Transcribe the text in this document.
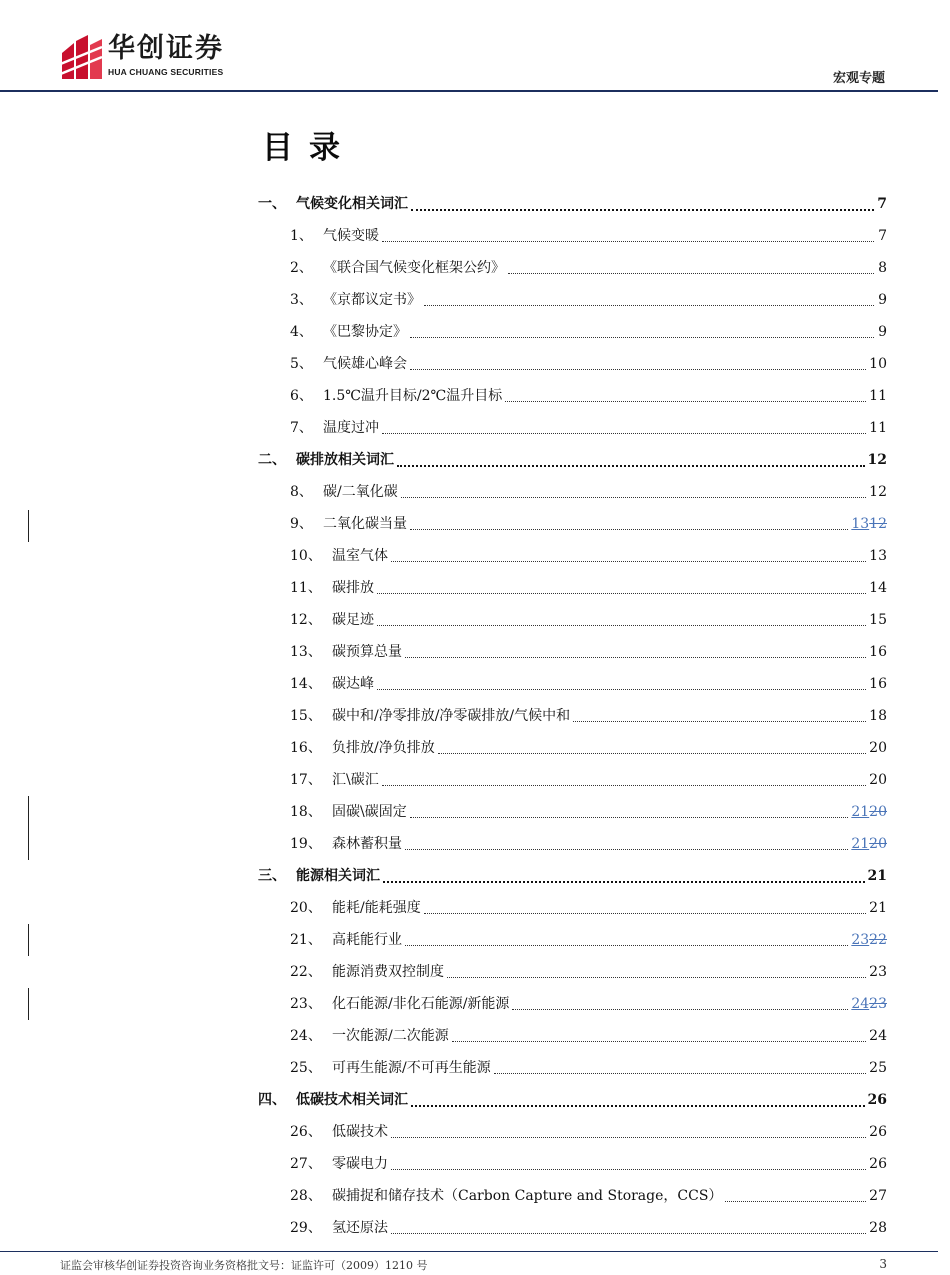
华创证券
HUA CHUANG SECURITIES	宏观专题
目录
一、 气候变化相关词汇	7
1、 气候变暖	7
2、 《联合国气候变化框架公约》	8
3、 《京都议定书》	9
4、 《巴黎协定》	9
5、 气候雄心峰会	10
6、 1.5℃温升目标/2℃温升目标	11
7、 温度过冲	11
二、 碳排放相关词汇	12
8、 碳/二氧化碳	12
9、 二氧化碳当量	1312
10、 温室气体	13
11、 碳排放	14
12、 碳足迹	15
13、 碳预算总量	16
14、 碳达峰	16
15、 碳中和/净零排放/净零碳排放/气候中和	18
16、 负排放/净负排放	20
17、 汇\碳汇	20
18、 固碳\碳固定	2120
19、 森林蓄积量	2120
三、 能源相关词汇	21
20、 能耗/能耗强度	21
21、 高耗能行业	2322
22、 能源消费双控制度	23
23、 化石能源/非化石能源/新能源	2423
24、 一次能源/二次能源	24
25、 可再生能源/不可再生能源	25
四、 低碳技术相关词汇	26
26、 低碳技术	26
27、 零碳电力	26
28、 碳捕捉和储存技术（Carbon Capture and Storage，CCS）	27
29、 氢还原法	28
证监会审核华创证券投资咨询业务资格批文号：证监许可（2009）1210 号	3
